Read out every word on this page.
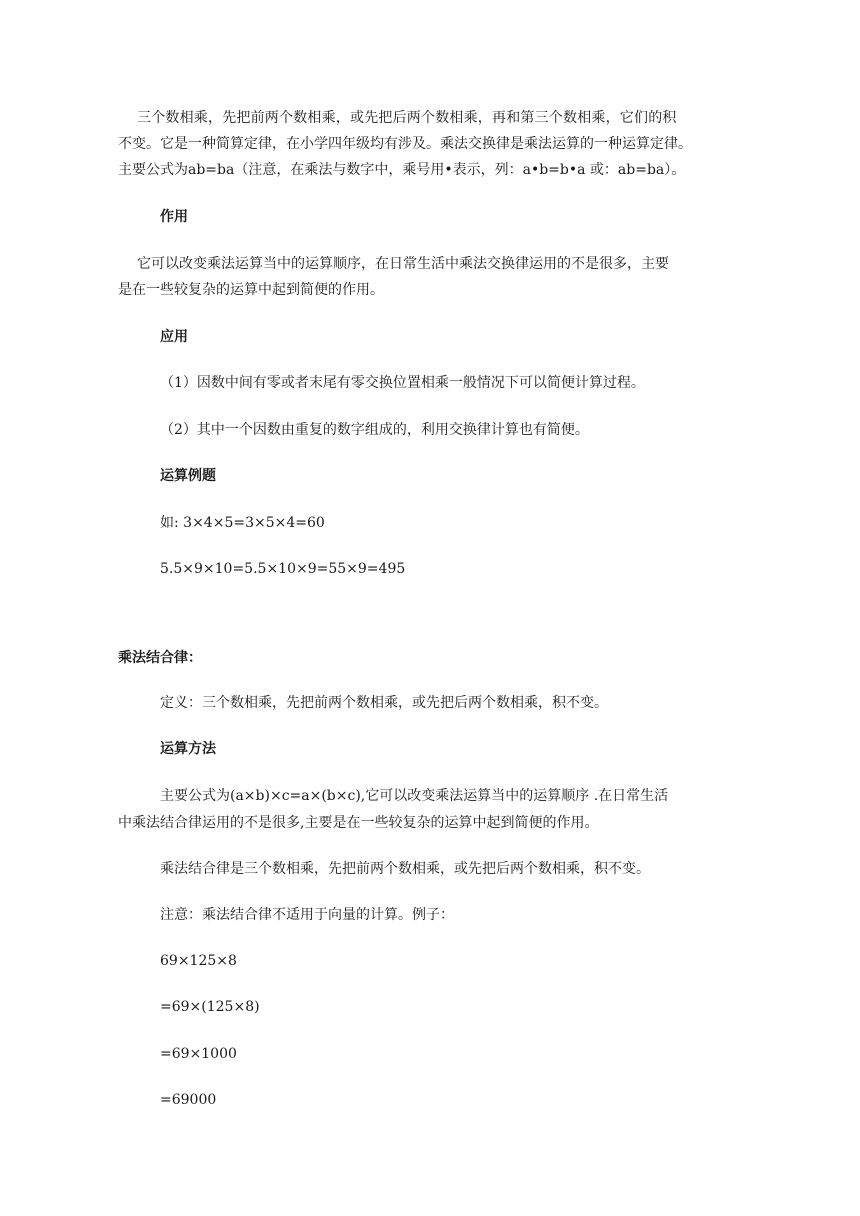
三个数相乘，先把前两个数相乘，或先把后两个数相乘，再和第三个数相乘，它们的积
不变。它是一种简算定律，在小学四年级均有涉及。乘法交换律是乘法运算的一种运算定律。
主要公式为ab=ba（注意，在乘法与数字中，乘号用•表示，列：a•b=b•a 或：ab=ba）。
作用
它可以改变乘法运算当中的运算顺序，在日常生活中乘法交换律运用的不是很多，主要
是在一些较复杂的运算中起到简便的作用。
应用
（1）因数中间有零或者末尾有零交换位置相乘一般情况下可以简便计算过程。
（2）其中一个因数由重复的数字组成的，利用交换律计算也有简便。
运算例题
如: 3×4×5=3×5×4=60
5.5×9×10=5.5×10×9=55×9=495
乘法结合律：
定义：三个数相乘，先把前两个数相乘，或先把后两个数相乘，积不变。
运算方法
主要公式为(a×b)×c=a×(b×c),它可以改变乘法运算当中的运算顺序 .在日常生活
中乘法结合律运用的不是很多,主要是在一些较复杂的运算中起到简便的作用。
乘法结合律是三个数相乘，先把前两个数相乘，或先把后两个数相乘，积不变。
注意：乘法结合律不适用于向量的计算。例子：
69×125×8
=69×(125×8)
=69×1000
=69000
